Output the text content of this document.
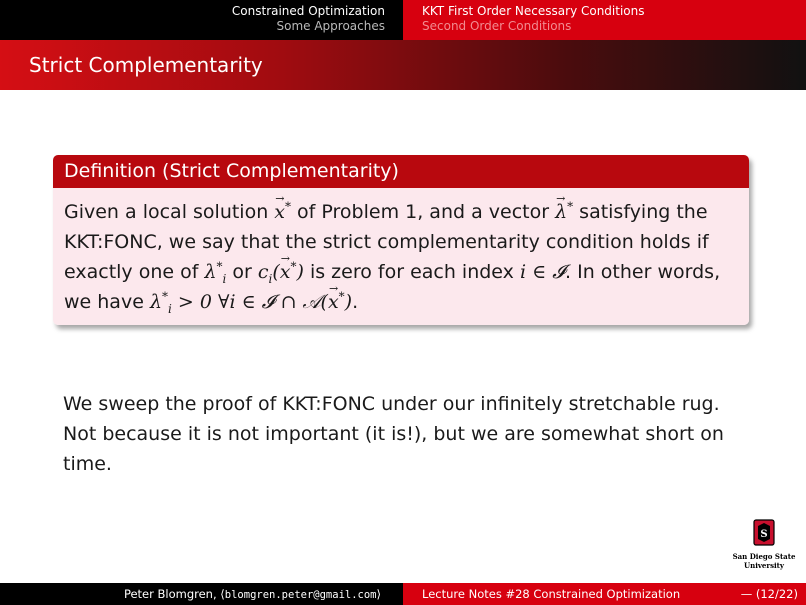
Constrained Optimization
Some Approaches
KKT First Order Necessary Conditions
Second Order Conditions
Strict Complementarity
Definition (Strict Complementarity)
Given a local solution → x* of Problem 1, and a vector → λ* satisfying the KKT:FONC, we say that the strict complementarity condition holds if exactly one of $\lambda^*_i$ or $c_i(\to x^*)$ is zero for each index i ∈ 𝓘. In other words, we have $\lambda^*_i > 0$ ∀i ∈ 𝓘 ∩ 𝒜(→ x*).
We sweep the proof of KKT:FONC under our infinitely stretchable rug. Not because it is not important (it is!), but we are somewhat short on time.
S
San Diego State
University
Peter Blomgren, ⟨blomgren.peter@gmail.com⟩	Lecture Notes #28 Constrained Optimization	— (12/22)
